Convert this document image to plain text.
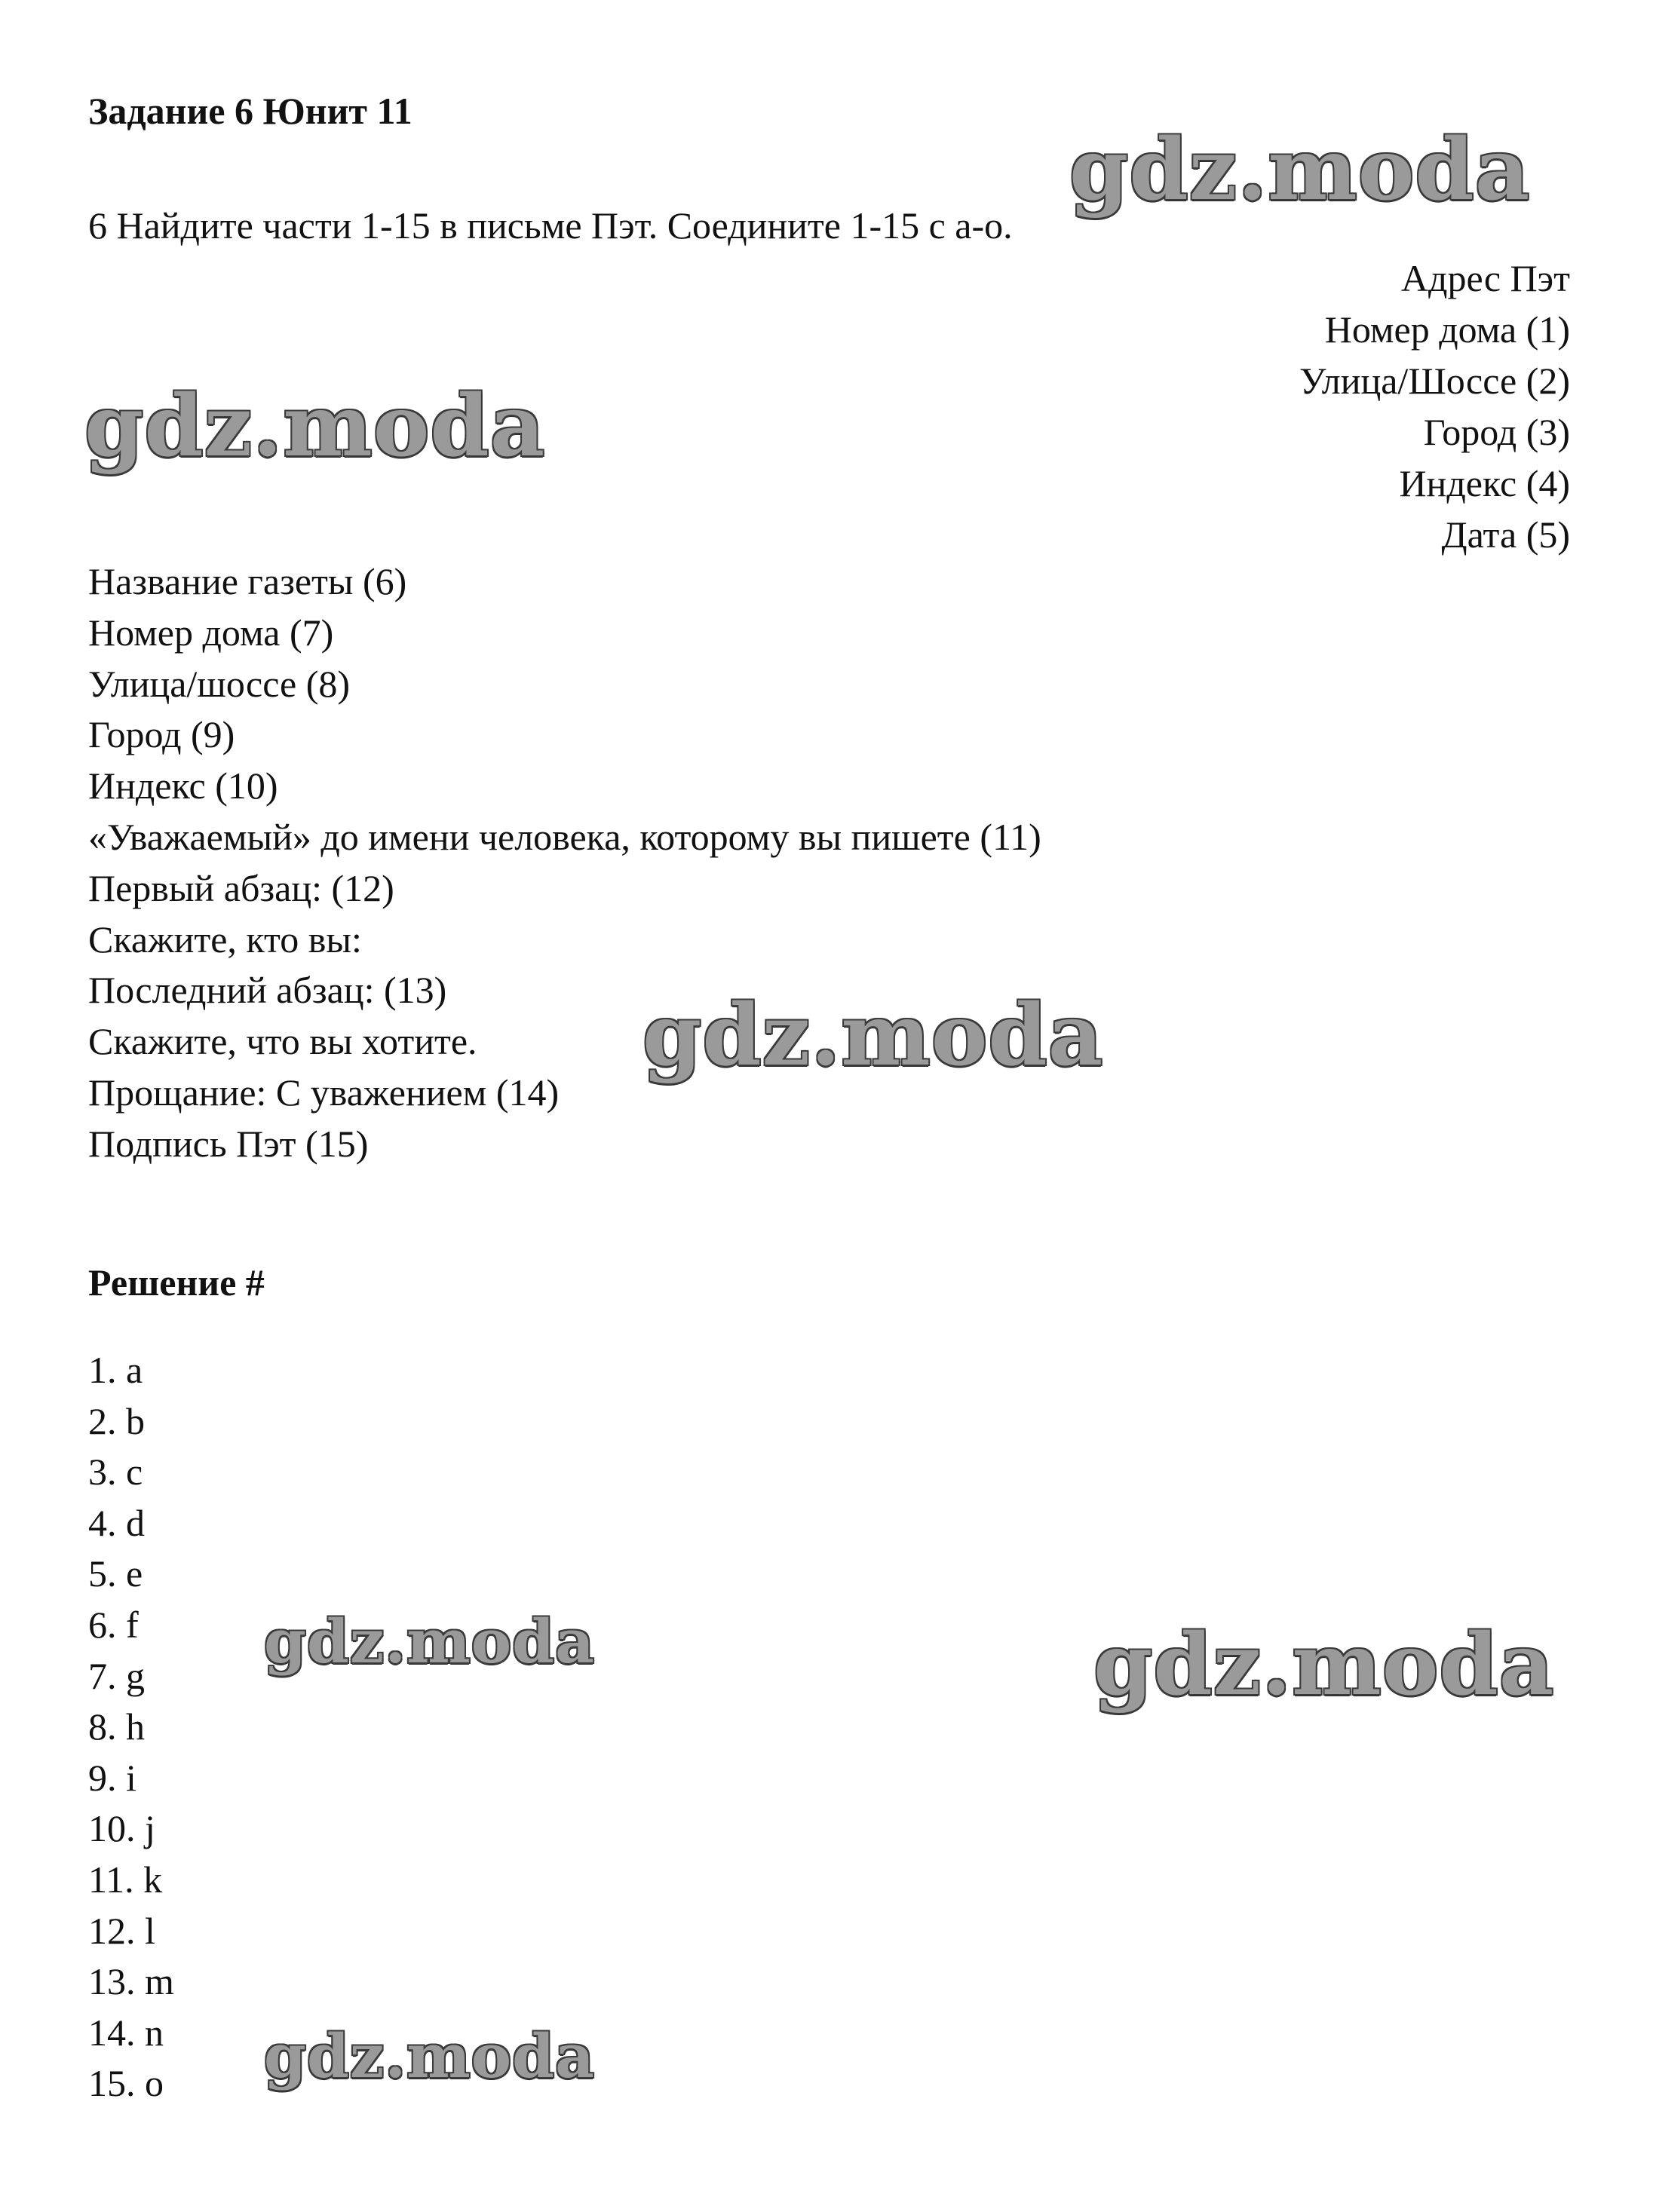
Задание 6 Юнит 11
6 Найдите части 1-15 в письме Пэт. Соедините 1-15 с a-o.
Адрес Пэт
Номер дома (1)
Улица/Шоссе (2)
Город (3)
Индекс (4)
Дата (5)
Название газеты (6)
Номер дома (7)
Улица/шоссе (8)
Город (9)
Индекс (10)
«Уважаемый» до имени человека, которому вы пишете (11)
Первый абзац: (12)
Скажите, кто вы:
Последний абзац: (13)
Скажите, что вы хотите.
Прощание: С уважением (14)
Подпись Пэт (15)
Решение #
1. a
2. b
3. c
4. d
5. e
6. f
7. g
8. h
9. i
10. j
11. k
12. l
13. m
14. n
15. o
gdz.moda
gdz.moda
gdz.moda
gdz.moda	gdz.moda
gdz.moda
